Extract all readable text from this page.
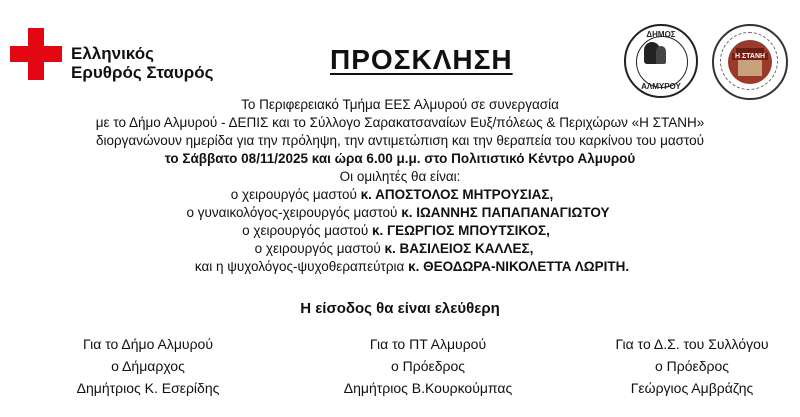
Ελληνικός
Ερυθρός Σταυρός	ΠΡΟΣΚΛΗΣΗ
ΔΗΜΟΣ
ΑΛΜΥΡΟΥ
Η ΣΤΑΝΗ
Το Περιφερειακό Τμήμα ΕΕΣ Αλμυρού σε συνεργασία
με το Δήμο Αλμυρού - ΔΕΠΙΣ και το Σύλλογο Σαρακατσαναίων Ευξ/πόλεως & Περιχώρων «Η ΣΤΑΝΗ»
διοργανώνουν ημερίδα για την πρόληψη, την αντιμετώπιση και την θεραπεία του καρκίνου του μαστού
το Σάββατο 08/11/2025 και ώρα 6.00 μ.μ. στο Πολιτιστικό Κέντρο Αλμυρού
Οι ομιλητές θα είναι:
ο χειρουργός μαστού κ. ΑΠΟΣΤΟΛΟΣ ΜΗΤΡΟΥΣΙΑΣ,
ο γυναικολόγος-χειρουργός μαστού κ. ΙΩΑΝΝΗΣ ΠΑΠΑΠΑΝΑΓΙΩΤΟΥ
ο χειρουργός μαστού κ. ΓΕΩΡΓΙΟΣ ΜΠΟΥΤΣΙΚΟΣ,
ο χειρουργός μαστού κ. ΒΑΣΙΛΕΙΟΣ ΚΑΛΛΕΣ,
και η ψυχολόγος-ψυχοθεραπεύτρια κ. ΘΕΟΔΩΡΑ-ΝΙΚΟΛΕΤΤΑ ΛΩΡΙΤΗ.
Η είσοδος θα είναι ελεύθερη
Για το Δήμο Αλμυρού
ο Δήμαρχος
Δημήτριος Κ. Εσερίδης
Για το ΠΤ Αλμυρού
ο Πρόεδρος
Δημήτριος Β.Κουρκούμπας
Για το Δ.Σ. του Συλλόγου
ο Πρόεδρος
Γεώργιος Αμβράζης
